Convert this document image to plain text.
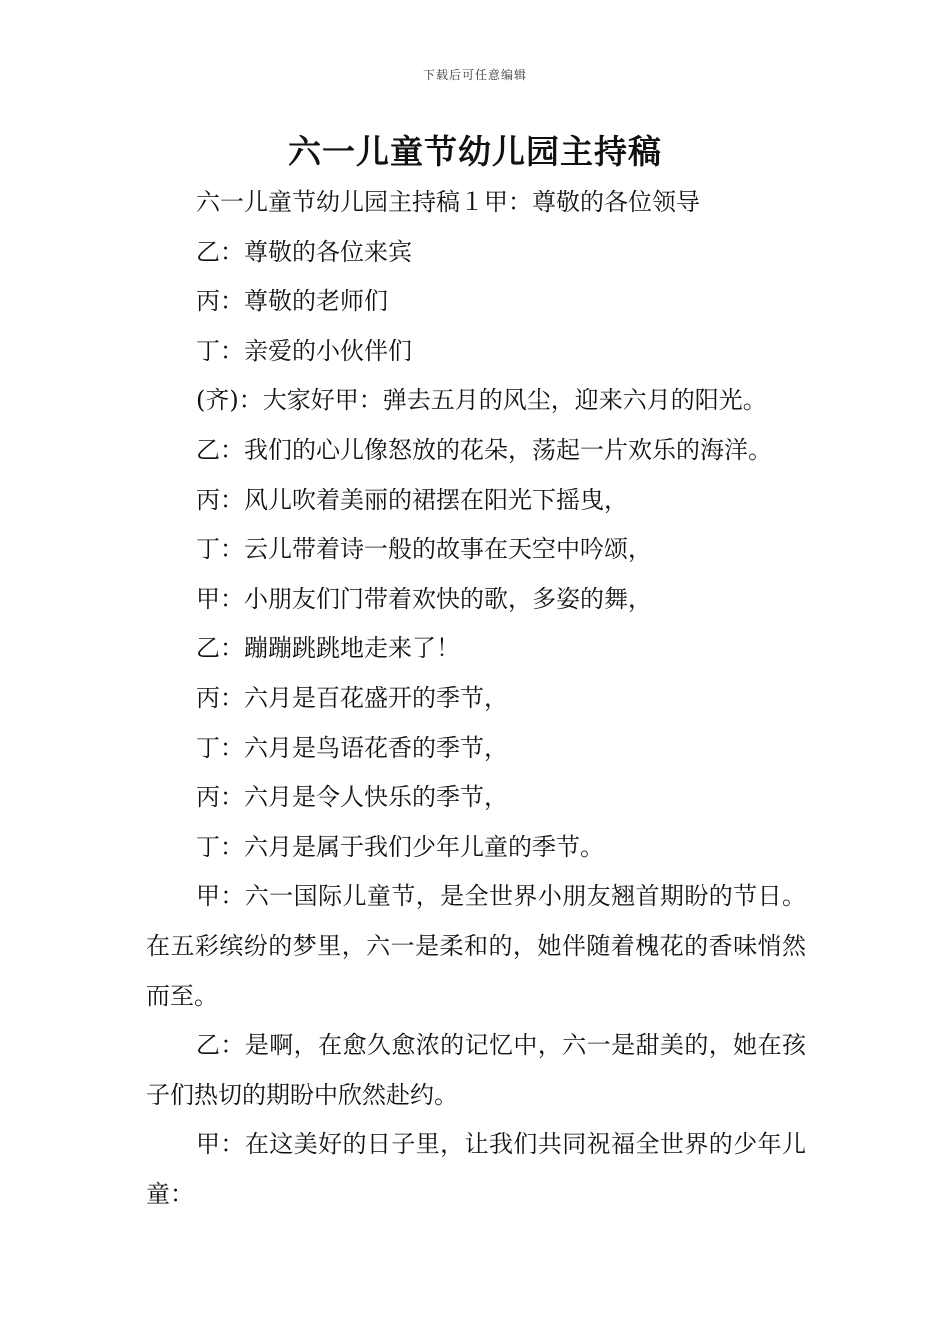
下载后可任意编辑
六一儿童节幼儿园主持稿

六一儿童节幼儿园主持稿１甲：尊敬的各位领导

乙：尊敬的各位来宾

丙：尊敬的老师们

丁：亲爱的小伙伴们

(齐)：大家好甲：弹去五月的风尘，迎来六月的阳光。

乙：我们的心儿像怒放的花朵，荡起一片欢乐的海洋。

丙：风儿吹着美丽的裙摆在阳光下摇曳，

丁：云儿带着诗一般的故事在天空中吟颂，

甲：小朋友们门带着欢快的歌，多姿的舞，

乙：蹦蹦跳跳地走来了！

丙：六月是百花盛开的季节，

丁：六月是鸟语花香的季节，

丙：六月是令人快乐的季节，

丁：六月是属于我们少年儿童的季节。

甲：六一国际儿童节，是全世界小朋友翘首期盼的节日。在五彩缤纷的梦里，六一是柔和的，她伴随着槐花的香味悄然而至。

乙：是啊，在愈久愈浓的记忆中，六一是甜美的，她在孩子们热切的期盼中欣然赴约。

甲：在这美好的日子里，让我们共同祝福全世界的少年儿童：
